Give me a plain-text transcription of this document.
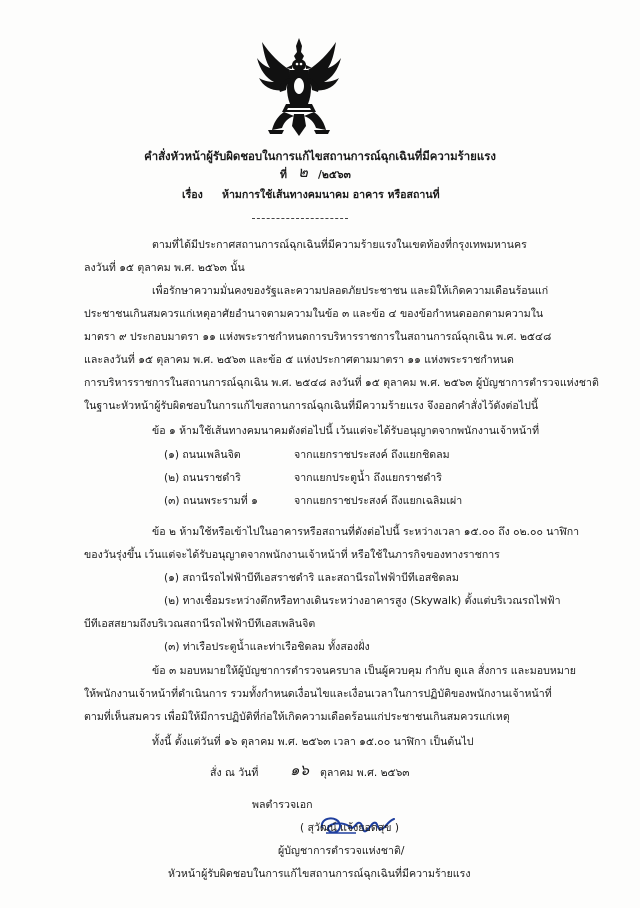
คำสั่งหัวหน้าผู้รับผิดชอบในการแก้ไขสถานการณ์ฉุกเฉินที่มีความร้ายแรง
ที่ ๒ /๒๕๖๓
เรื่อง ห้ามการใช้เส้นทางคมนาคม อาคาร หรือสถานที่
ตามที่ได้มีประกาศสถานการณ์ฉุกเฉินที่มีความร้ายแรงในเขตท้องที่กรุงเทพมหานคร
ลงวันที่ ๑๕ ตุลาคม พ.ศ. ๒๕๖๓ นั้น
เพื่อรักษาความมั่นคงของรัฐและความปลอดภัยประชาชน และมิให้เกิดความเดือนร้อนแก่
ประชาชนเกินสมควรแก่เหตุอาศัยอำนาจตามความในข้อ ๓ และข้อ ๔ ของข้อกำหนดออกตามความใน
มาตรา ๙ ประกอบมาตรา ๑๑ แห่งพระราชกำหนดการบริหารราชการในสถานการณ์ฉุกเฉิน พ.ศ. ๒๕๔๘
และลงวันที่ ๑๕ ตุลาคม พ.ศ. ๒๕๖๓ และข้อ ๕ แห่งประกาศตามมาตรา ๑๑ แห่งพระราชกำหนด
การบริหารราชการในสถานการณ์ฉุกเฉิน พ.ศ. ๒๕๔๘ ลงวันที่ ๑๕ ตุลาคม พ.ศ. ๒๕๖๓ ผู้บัญชาการตำรวจแห่งชาติ
ในฐานะหัวหน้าผู้รับผิดชอบในการแก้ไขสถานการณ์ฉุกเฉินที่มีความร้ายแรง จึงออกคำสั่งไว้ดังต่อไปนี้
ข้อ ๑ ห้ามใช้เส้นทางคมนาคมดังต่อไปนี้ เว้นแต่จะได้รับอนุญาตจากพนักงานเจ้าหน้าที่
(๑) ถนนเพลินจิต	จากแยกราชประสงค์ ถึงแยกชิดลม
(๒) ถนนราชดำริ	จากแยกประตูน้ำ ถึงแยกราชดำริ
(๓) ถนนพระรามที่ ๑	จากแยกราชประสงค์ ถึงแยกเฉลิมเผ่า
ข้อ ๒ ห้ามใช้หรือเข้าไปในอาคารหรือสถานที่ดังต่อไปนี้ ระหว่างเวลา ๑๕.๐๐ ถึง ๐๒.๐๐ นาฬิกา
ของวันรุ่งขึ้น เว้นแต่จะได้รับอนุญาตจากพนักงานเจ้าหน้าที่ หรือใช้ในภารกิจของทางราชการ
(๑) สถานีรถไฟฟ้าบีทีเอสราชดำริ และสถานีรถไฟฟ้าบีทีเอสชิดลม
(๒) ทางเชื่อมระหว่างตึกหรือทางเดินระหว่างอาคารสูง (Skywalk) ตั้งแต่บริเวณรถไฟฟ้า
บีทีเอสสยามถึงบริเวณสถานีรถไฟฟ้าบีทีเอสเพลินจิต
(๓) ท่าเรือประตูน้ำและท่าเรือชิดลม ทั้งสองฝั่ง
ข้อ ๓ มอบหมายให้ผู้บัญชาการตำรวจนครบาล เป็นผู้ควบคุม กำกับ ดูแล สั่งการ และมอบหมาย
ให้พนักงานเจ้าหน้าที่ดำเนินการ รวมทั้งกำหนดเงื่อนไขและเงื่อนเวลาในการปฏิบัติของพนักงานเจ้าหน้าที่
ตามที่เห็นสมควร เพื่อมิให้มีการปฏิบัติที่ก่อให้เกิดความเดือดร้อนแก่ประชาชนเกินสมควรแก่เหตุ
ทั้งนี้ ตั้งแต่วันที่ ๑๖ ตุลาคม พ.ศ. ๒๕๖๓ เวลา ๑๕.๐๐ นาฬิกา เป็นต้นไป
สั่ง ณ วันที่ ๑๖ ตุลาคม พ.ศ. ๒๕๖๓
พลตำรวจเอก
( สุวัฒน์ แจ้งยอดสุข )
ผู้บัญชาการตำรวจแห่งชาติ/
หัวหน้าผู้รับผิดชอบในการแก้ไขสถานการณ์ฉุกเฉินที่มีความร้ายแรง
